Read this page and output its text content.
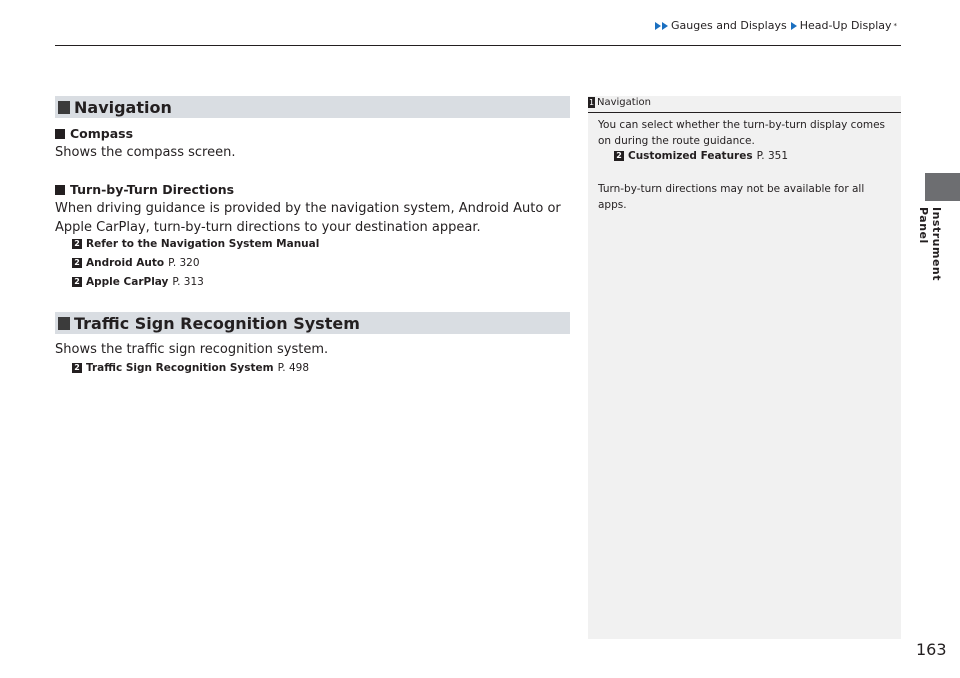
Gauges and Displays Head-Up Display *
Instrument Panel
Navigation
Compass
Shows the compass screen.
Turn-by-Turn Directions
When driving guidance is provided by the navigation system, Android Auto or Apple CarPlay, turn-by-turn directions to your destination appear.
2 Refer to the Navigation System Manual
2 Android Auto P. 320
2 Apple CarPlay P. 313
Traffic Sign Recognition System
Shows the traffic sign recognition system.
2 Traffic Sign Recognition System P. 498
1 Navigation
You can select whether the turn-by-turn display comes on during the route guidance.
2 Customized Features P. 351
Turn-by-turn directions may not be available for all apps.
163
